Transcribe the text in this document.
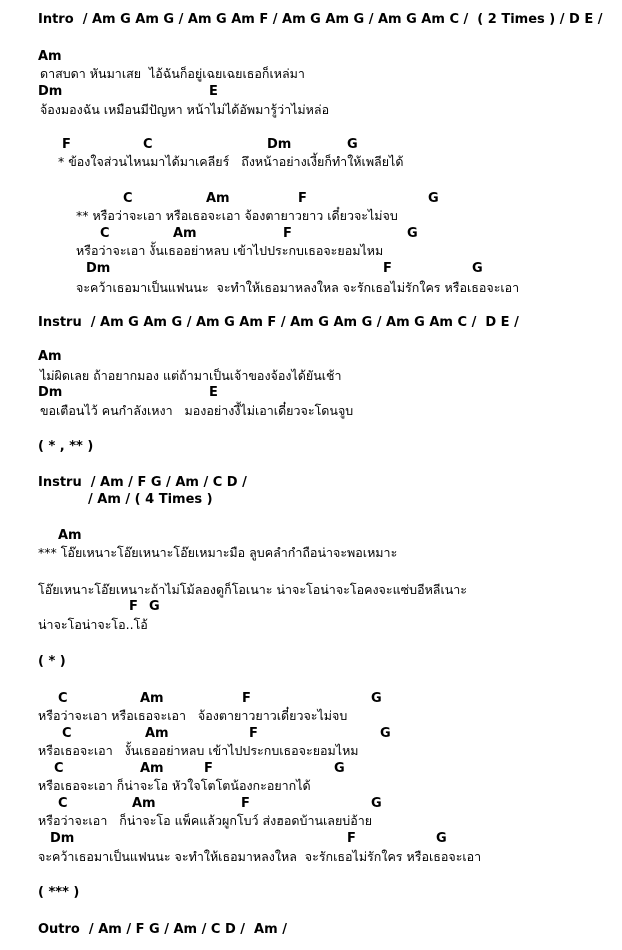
Intro  / Am G Am G / Am G Am F / Am G Am G / Am G Am C /  ( 2 Times ) / D E /
Am
ดาสบดา หันมาเสย  ไอ้ฉันก็อยู่เฉยเฉยเธอก็เหล่มา
Dm	E
จ้องมองฉัน เหมือนมีปัญหา หน้าไม่ได้อัพมารู้ว่าไม่หล่อ
F	C	Dm	G
* ข้องใจส่วนไหนมาได้มาเคลียร์   ถึงหน้าอย่างเงี้ยก็ทำให้เพลียได้
C	Am	F	G
** หรือว่าจะเอา หรือเธอจะเอา จ้องตายาวยาว เดี๋ยวจะไม่จบ
C	Am	F	G
หรือว่าจะเอา งั้นเธออย่าหลบ เข้าไปประกบเธอจะยอมไหม
Dm	F	G
จะคว้าเธอมาเป็นแฟนนะ  จะทำให้เธอมาหลงใหล จะรักเธอไม่รักใคร หรือเธอจะเอา
Instru  / Am G Am G / Am G Am F / Am G Am G / Am G Am C /  D E /
Am
ไม่ผิดเลย ถ้าอยากมอง แต่ถ้ามาเป็นเจ้าของจ้องได้ยันเช้า
Dm	E
ขอเตือนไว้ คนกำลังเหงา   มองอย่างงี้ไม่เอาเดี๋ยวจะโดนจูบ
( * , ** )
Instru  / Am / F G / Am / C D /
/ Am / ( 4 Times )
Am
*** โอ๊ยเหนาะโอ๊ยเหนาะโอ๊ยเหมาะมือ ลูบคลำกำถือน่าจะพอเหมาะ
โอ๊ยเหนาะโอ๊ยเหนาะถ้าไม่โม้ลองดูก็โอเนาะ น่าจะโอน่าจะโอคงจะแซ่บอีหลีเนาะ
F G
น่าจะโอน่าจะโอ..โอ้
( * )
C	Am	F	G
หรือว่าจะเอา หรือเธอจะเอา   จ้องตายาวยาวเดี๋ยวจะไม่จบ
C	Am	F	G
หรือเธอจะเอา   งั้นเธออย่าหลบ เข้าไปประกบเธอจะยอมไหม
C	Am	F	G
หรือเธอจะเอา ก็น่าจะโอ หัวใจโตโตน้องกะอยากได้
C	Am	F	G
หรือว่าจะเอา   ก็น่าจะโอ แพ็คแล้วผูกโบว์ ส่งฮอดบ้านเลยบ่อ้าย
Dm	F	G
จะคว้าเธอมาเป็นแฟนนะ จะทำให้เธอมาหลงใหล  จะรักเธอไม่รักใคร หรือเธอจะเอา
( *** )
Outro  / Am / F G / Am / C D /  Am /
